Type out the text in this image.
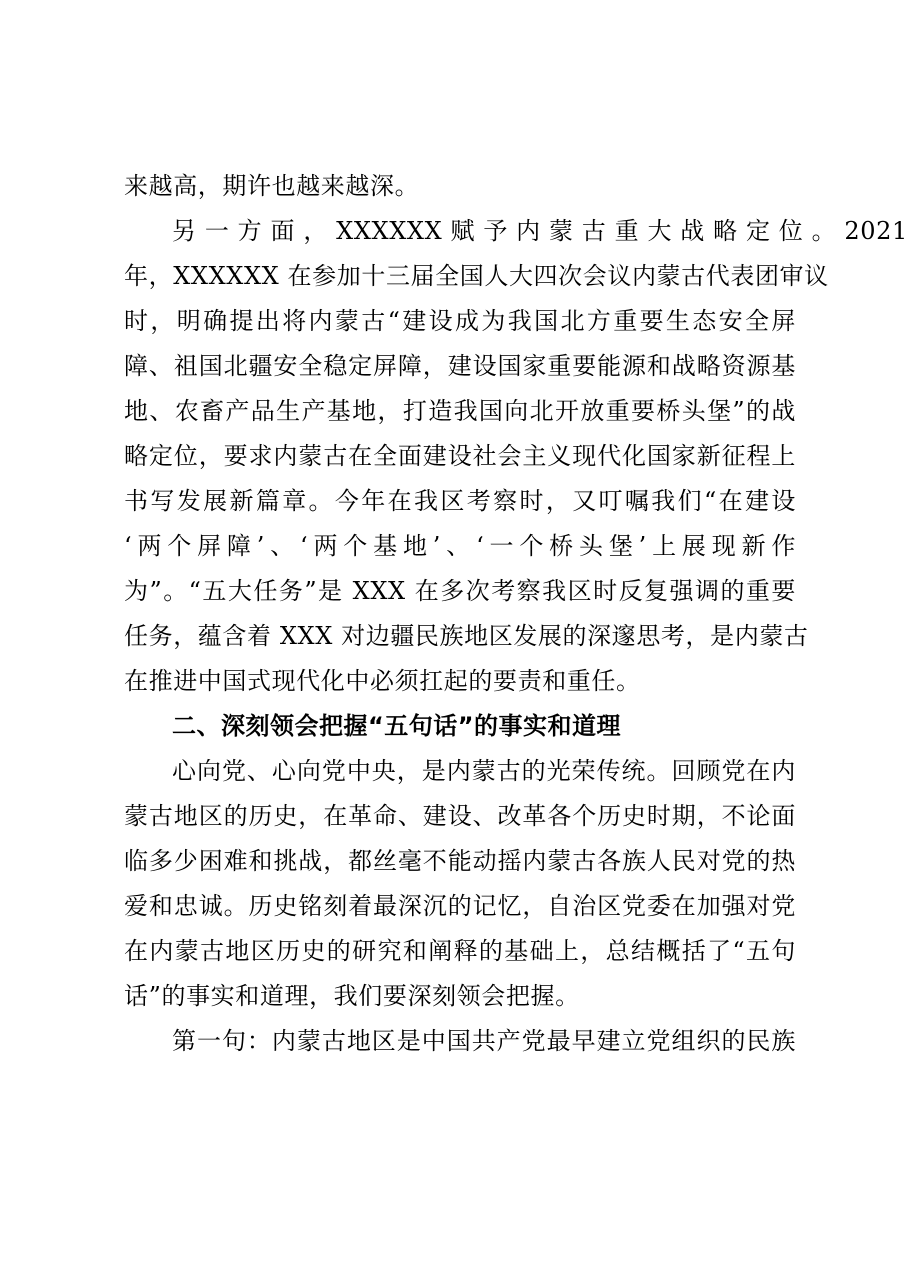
来越高，期许也越来越深。
另 一 方 面 ， XXXXXX 赋 予 内 蒙 古 重 大 战 略 定 位 。 2021
年，XXXXXX 在参加十三届全国人大四次会议内蒙古代表团审议
时，明确提出将内蒙古“建设成为我国北方重要生态安全屏
障、祖国北疆安全稳定屏障，建设国家重要能源和战略资源基
地、农畜产品生产基地，打造我国向北开放重要桥头堡”的战
略定位，要求内蒙古在全面建设社会主义现代化国家新征程上
书写发展新篇章。今年在我区考察时，又叮嘱我们“在建设
‘两个屏障’、‘两个基地’、‘一个桥头堡’上展现新作
为”。“五大任务”是 XXX 在多次考察我区时反复强调的重要
任务，蕴含着 XXX 对边疆民族地区发展的深邃思考，是内蒙古
在推进中国式现代化中必须扛起的要责和重任。
二、深刻领会把握“五句话”的事实和道理
心向党、心向党中央，是内蒙古的光荣传统。回顾党在内
蒙古地区的历史，在革命、建设、改革各个历史时期，不论面
临多少困难和挑战，都丝毫不能动摇内蒙古各族人民对党的热
爱和忠诚。历史铭刻着最深沉的记忆，自治区党委在加强对党
在内蒙古地区历史的研究和阐释的基础上，总结概括了“五句
话”的事实和道理，我们要深刻领会把握。
第一句：内蒙古地区是中国共产党最早建立党组织的民族
